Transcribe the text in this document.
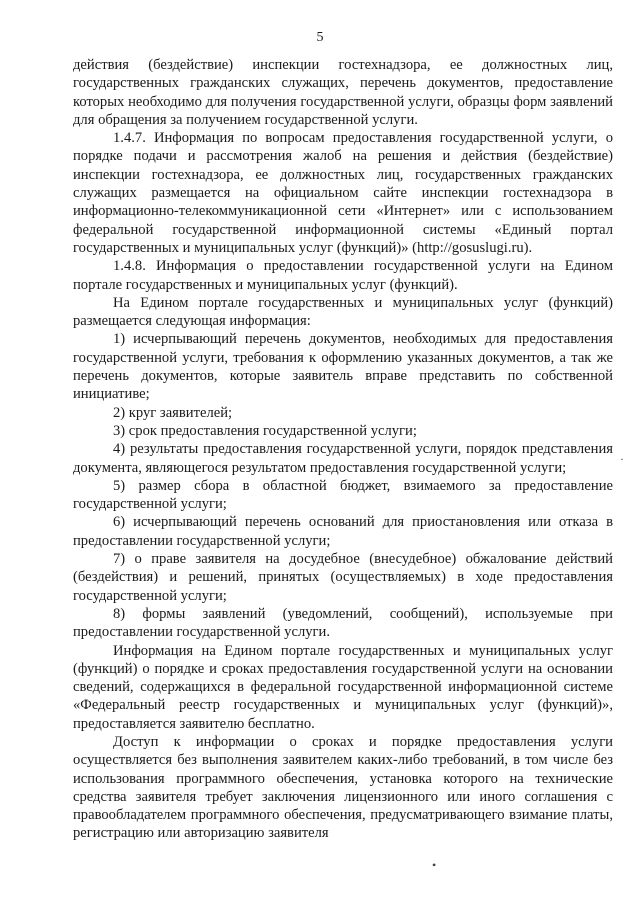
5

действия (бездействие) инспекции гостехнадзора, ее должностных лиц, государственных гражданских служащих, перечень документов, предоставление которых необходимо для получения государственной услуги, образцы форм заявлений для обращения за получением государственной услуги.

1.4.7. Информация по вопросам предоставления государственной услуги, о порядке подачи и рассмотрения жалоб на решения и действия (бездействие) инспекции гостехнадзора, ее должностных лиц, государственных гражданских служащих размещается на официальном сайте инспекции гостехнадзора в информационно-телекоммуникационной сети «Интернет» или с использованием федеральной государственной информационной системы «Единый портал государственных и муниципальных услуг (функций)» (http://gosuslugi.ru).

1.4.8. Информация о предоставлении государственной услуги на Едином портале государственных и муниципальных услуг (функций).

На Едином портале государственных и муниципальных услуг (функций) размещается следующая информация:

1) исчерпывающий перечень документов, необходимых для предоставления государственной услуги, требования к оформлению указанных документов, а так же перечень документов, которые заявитель вправе представить по собственной инициативе;

2) круг заявителей;

3) срок предоставления государственной услуги;

4) результаты предоставления государственной услуги, порядок представления документа, являющегося результатом предоставления государственной услуги;

5) размер сбора в областной бюджет, взимаемого за предоставление государственной услуги;

6) исчерпывающий перечень оснований для приостановления или отказа в предоставлении государственной услуги;

7) о праве заявителя на досудебное (внесудебное) обжалование действий (бездействия) и решений, принятых (осуществляемых) в ходе предоставления государственной услуги;

8) формы заявлений (уведомлений, сообщений), используемые при предоставлении государственной услуги.

Информация на Едином портале государственных и муниципальных услуг (функций) о порядке и сроках предоставления государственной услуги на основании сведений, содержащихся в федеральной государственной информационной системе «Федеральный реестр государственных и муниципальных услуг (функций)», предоставляется заявителю бесплатно.

Доступ к информации о сроках и порядке предоставления услуги осуществляется без выполнения заявителем каких-либо требований, в том числе без использования программного обеспечения, установка которого на технические средства заявителя требует заключения лицензионного или иного соглашения с правообладателем программного обеспечения, предусматривающего взимание платы, регистрацию или авторизацию заявителя

•
·
